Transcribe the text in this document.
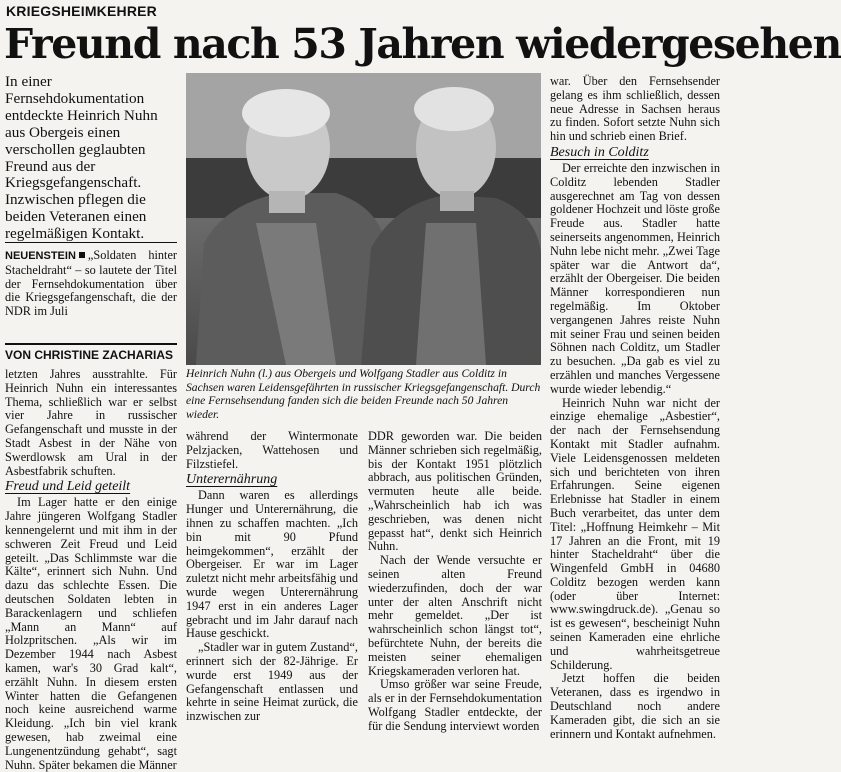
KRIEGSHEIMKEHRER
Freund nach 53 Jahren wiedergesehen

In einer Fernsehdokumentation entdeckte Heinrich Nuhn aus Obergeis einen verschollen geglaubten Freund aus der Kriegsgefangenschaft. Inzwischen pflegen die beiden Veteranen einen regelmäßigen Kontakt.

NEUENSTEIN „Soldaten hinter Stacheldraht“ – so lautete der Titel der Fernsehdokumentation über die Kriegsgefangenschaft, die der NDR im Juli

VON CHRISTINE ZACHARIAS

letzten Jahres ausstrahlte. Für Heinrich Nuhn ein interessantes Thema, schließlich war er selbst vier Jahre in russischer Gefangenschaft und musste in der Stadt Asbest in der Nähe von Swerdlowsk am Ural in der Asbestfabrik schuften.

Freud und Leid geteilt

Im Lager hatte er den einige Jahre jüngeren Wolfgang Stadler kennengelernt und mit ihm in der schweren Zeit Freud und Leid geteilt. „Das Schlimmste war die Kälte“, erinnert sich Nuhn. Und dazu das schlechte Essen. Die deutschen Soldaten lebten in Barackenlagern und schliefen „Mann an Mann“ auf Holzpritschen. „Als wir im Dezember 1944 nach Asbest kamen, war's 30 Grad kalt“, erzählt Nuhn. In diesem ersten Winter hatten die Gefangenen noch keine ausreichend warme Kleidung. „Ich bin viel krank gewesen, hab zweimal eine Lungenentzündung gehabt“, sagt Nuhn. Später bekamen die Männer

Heinrich Nuhn (l.) aus Obergeis und Wolfgang Stadler aus Colditz in Sachsen waren Leidensgefährten in russischer Kriegsgefangenschaft. Durch eine Fernsehsendung fanden sich die beiden Freunde nach 50 Jahren wieder.

während der Wintermonate Pelzjacken, Wattehosen und Filzstiefel.

Unterernährung

Dann waren es allerdings Hunger und Unterernährung, die ihnen zu schaffen machten. „Ich bin mit 90 Pfund heimgekommen“, erzählt der Obergeiser. Er war im Lager zuletzt nicht mehr arbeitsfähig und wurde wegen Unterernährung 1947 erst in ein anderes Lager gebracht und im Jahr darauf nach Hause geschickt.

„Stadler war in gutem Zustand“, erinnert sich der 82-Jährige. Er wurde erst 1949 aus der Gefangenschaft entlassen und kehrte in seine Heimat zurück, die inzwischen zur

DDR geworden war. Die beiden Männer schrieben sich regelmäßig, bis der Kontakt 1951 plötzlich abbrach, aus politischen Gründen, vermuten heute alle beide. „Wahrscheinlich hab ich was geschrieben, was denen nicht gepasst hat“, denkt sich Heinrich Nuhn.

Nach der Wende versuchte er seinen alten Freund wiederzufinden, doch der war unter der alten Anschrift nicht mehr gemeldet. „Der ist wahrscheinlich schon längst tot“, befürchtete Nuhn, der bereits die meisten seiner ehemaligen Kriegskameraden verloren hat.

Umso größer war seine Freude, als er in der Fernsehdokumentation Wolfgang Stadler entdeckte, der für die Sendung interviewt worden

war. Über den Fernsehsender gelang es ihm schließlich, dessen neue Adresse in Sachsen heraus zu finden. Sofort setzte Nuhn sich hin und schrieb einen Brief.

Besuch in Colditz

Der erreichte den inzwischen in Colditz lebenden Stadler ausgerechnet am Tag von dessen goldener Hochzeit und löste große Freude aus. Stadler hatte seinerseits angenommen, Heinrich Nuhn lebe nicht mehr. „Zwei Tage später war die Antwort da“, erzählt der Obergeiser. Die beiden Männer korrespondieren nun regelmäßig. Im Oktober vergangenen Jahres reiste Nuhn mit seiner Frau und seinen beiden Söhnen nach Colditz, um Stadler zu besuchen. „Da gab es viel zu erzählen und manches Vergessene wurde wieder lebendig.“

Heinrich Nuhn war nicht der einzige ehemalige „Asbestier“, der nach der Fernsehsendung Kontakt mit Stadler aufnahm. Viele Leidensgenossen meldeten sich und berichteten von ihren Erfahrungen. Seine eigenen Erlebnisse hat Stadler in einem Buch verarbeitet, das unter dem Titel: „Hoffnung Heimkehr – Mit 17 Jahren an die Front, mit 19 hinter Stacheldraht“ über die Wingenfeld GmbH in 04680 Colditz bezogen werden kann (oder über Internet: www.swingdruck.de). „Genau so ist es gewesen“, bescheinigt Nuhn seinen Kameraden eine ehrliche und wahrheitsgetreue Schilderung.

Jetzt hoffen die beiden Veteranen, dass es irgendwo in Deutschland noch andere Kameraden gibt, die sich an sie erinnern und Kontakt aufnehmen.
